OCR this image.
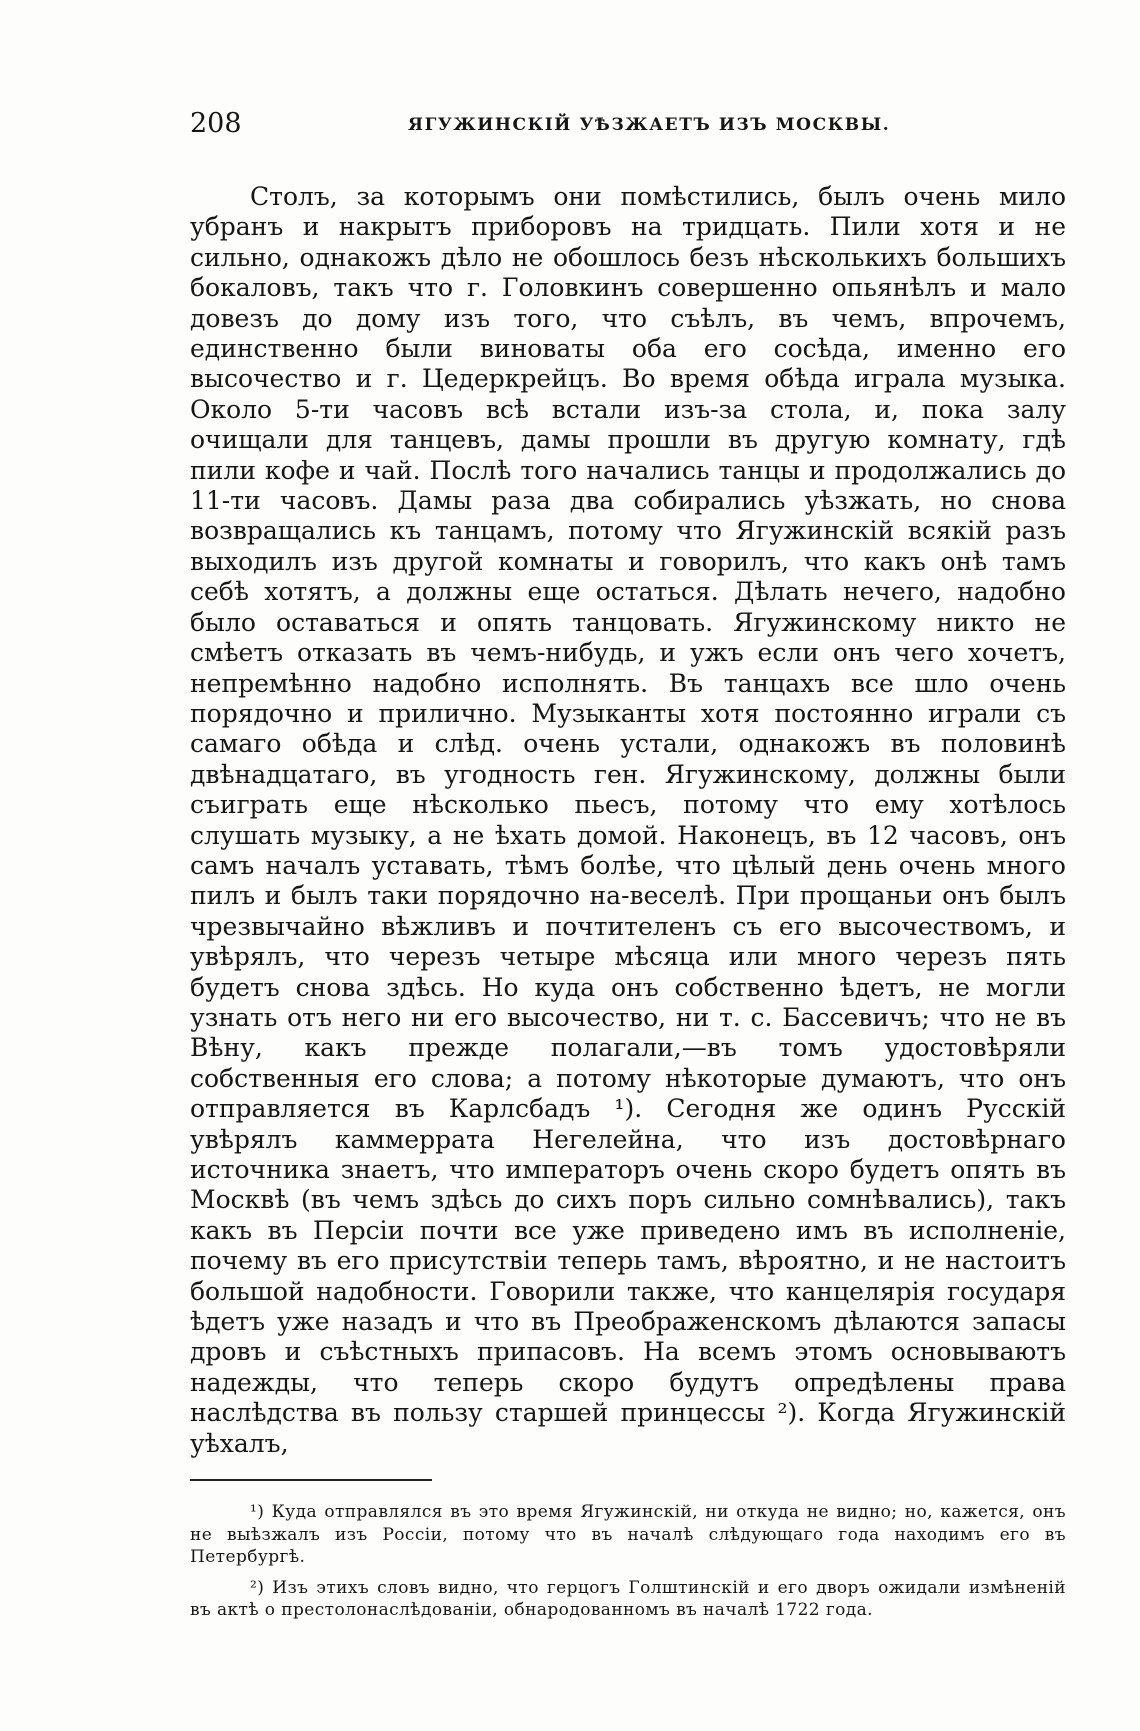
208	ЯГУЖИНСКІЙ УѢЗЖАЕТЪ ИЗЪ МОСКВЫ.

Столъ, за которымъ они помѣстились, былъ очень мило убранъ и накрытъ приборовъ на тридцать. Пили хотя и не сильно, однакожъ дѣло не обошлось безъ нѣсколькихъ большихъ бокаловъ, такъ что г. Головкинъ совершенно опьянѣлъ и мало довезъ до дому изъ того, что съѣлъ, въ чемъ, впрочемъ, единственно были виноваты оба его сосѣда, именно его высочество и г. Цедеркрейцъ. Во время обѣда играла музыка. Около 5-ти часовъ всѣ встали изъ-за стола, и, пока залу очищали для танцевъ, дамы прошли въ другую комнату, гдѣ пили кофе и чай. Послѣ того начались танцы и продолжались до 11-ти часовъ. Дамы раза два собирались уѣзжать, но снова возвращались къ танцамъ, потому что Ягужинскій всякій разъ выходилъ изъ другой комнаты и говорилъ, что какъ онѣ тамъ себѣ хотятъ, а должны еще остаться. Дѣлать нечего, надобно было оставаться и опять танцовать. Ягужинскому никто не смѣетъ отказать въ чемъ-нибудь, и ужъ если онъ чего хочетъ, непремѣнно надобно исполнять. Въ танцахъ все шло очень порядочно и прилично. Музыканты хотя постоянно играли съ самаго обѣда и слѣд. очень устали, однакожъ въ половинѣ двѣнадцатаго, въ угодность ген. Ягужинскому, должны были съиграть еще нѣсколько пьесъ, потому что ему хотѣлось слушать музыку, а не ѣхать домой. Наконецъ, въ 12 часовъ, онъ самъ началъ уставать, тѣмъ болѣе, что цѣлый день очень много пилъ и былъ таки порядочно на-веселѣ. При прощаньи онъ былъ чрезвычайно вѣжливъ и почтителенъ съ его высочествомъ, и увѣрялъ, что черезъ четыре мѣсяца или много черезъ пять будетъ снова здѣсь. Но куда онъ собственно ѣдетъ, не могли узнать отъ него ни его высочество, ни т. с. Бассевичъ; что не въ Вѣну, какъ прежде полагали,—въ томъ удостовѣряли собственныя его слова; а потому нѣкоторые думаютъ, что онъ отправляется въ Карлсбадъ ¹). Сегодня же одинъ Русскій увѣрялъ каммеррата Негелейна, что изъ достовѣрнаго источника знаетъ, что императоръ очень скоро будетъ опять въ Москвѣ (въ чемъ здѣсь до сихъ поръ сильно сомнѣвались), такъ какъ въ Персіи почти все уже приведено имъ въ исполненіе, почему въ его присутствіи теперь тамъ, вѣроятно, и не настоитъ большой надобности. Говорили также, что канцелярія государя ѣдетъ уже назадъ и что въ Преображенскомъ дѣлаются запасы дровъ и съѣстныхъ припасовъ. На всемъ этомъ основываютъ надежды, что теперь скоро будутъ опредѣлены права наслѣдства въ пользу старшей принцессы ²). Когда Ягужинскій уѣхалъ,

¹) Куда отправлялся въ это время Ягужинскій, ни откуда не видно; но, кажется, онъ не выѣзжалъ изъ Россіи, потому что въ началѣ слѣдующаго года находимъ его въ Петербургѣ.

²) Изъ этихъ словъ видно, что герцогъ Голштинскій и его дворъ ожидали измѣненій въ актѣ о престолонаслѣдованіи, обнародованномъ въ началѣ 1722 года.
